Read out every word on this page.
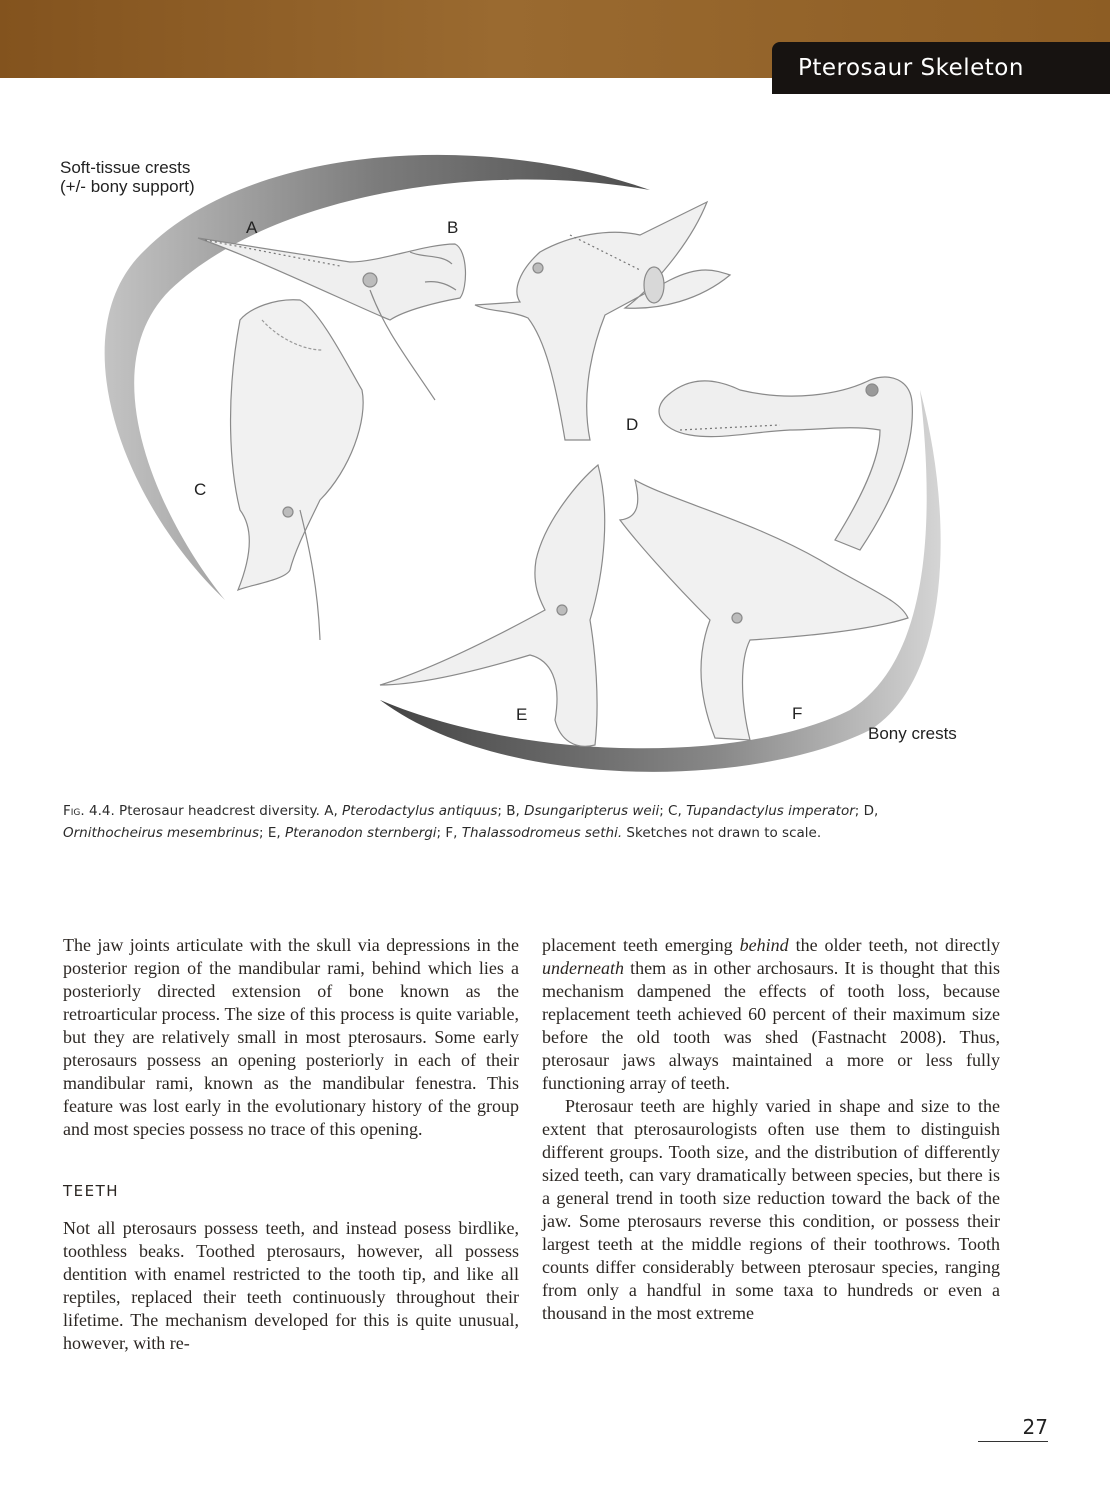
Pterosaur Skeleton
Soft-tissue crests
(+/- bony support)
Bony crests
A	B
C
D
E	F
Fig. 4.4. Pterosaur headcrest diversity. A, Pterodactylus antiquus; B, Dsungaripterus weii; C, Tupandactylus imperator; D, Ornithocheirus mesembrinus; E, Pteranodon sternbergi; F, Thalassodromeus sethi. Sketches not drawn to scale.

The jaw joints articulate with the skull via depressions in the posterior region of the mandibular rami, behind which lies a posteriorly directed extension of bone known as the retroarticular process. The size of this process is quite variable, but they are relatively small in most pterosaurs. Some early pterosaurs possess an opening posteriorly in each of their mandibular rami, known as the mandibular fenestra. This feature was lost early in the evolutionary history of the group and most species possess no trace of this opening.

TEETH

Not all pterosaurs possess teeth, and instead posess birdlike, toothless beaks. Toothed pterosaurs, however, all possess dentition with enamel restricted to the tooth tip, and like all reptiles, replaced their teeth continuously throughout their lifetime. The mechanism developed for this is quite unusual, however, with re-

placement teeth emerging behind the older teeth, not directly underneath them as in other archosaurs. It is thought that this mechanism dampened the effects of tooth loss, because replacement teeth achieved 60 percent of their maximum size before the old tooth was shed (Fastnacht 2008). Thus, pterosaur jaws always maintained a more or less fully functioning array of teeth.

Pterosaur teeth are highly varied in shape and size to the extent that pterosaurologists often use them to distinguish different groups. Tooth size, and the distribution of differently sized teeth, can vary dramatically between species, but there is a general trend in tooth size reduction toward the back of the jaw. Some pterosaurs reverse this condition, or possess their largest teeth at the middle regions of their toothrows. Tooth counts differ considerably between pterosaur species, ranging from only a handful in some taxa to hundreds or even a thousand in the most extreme

27
